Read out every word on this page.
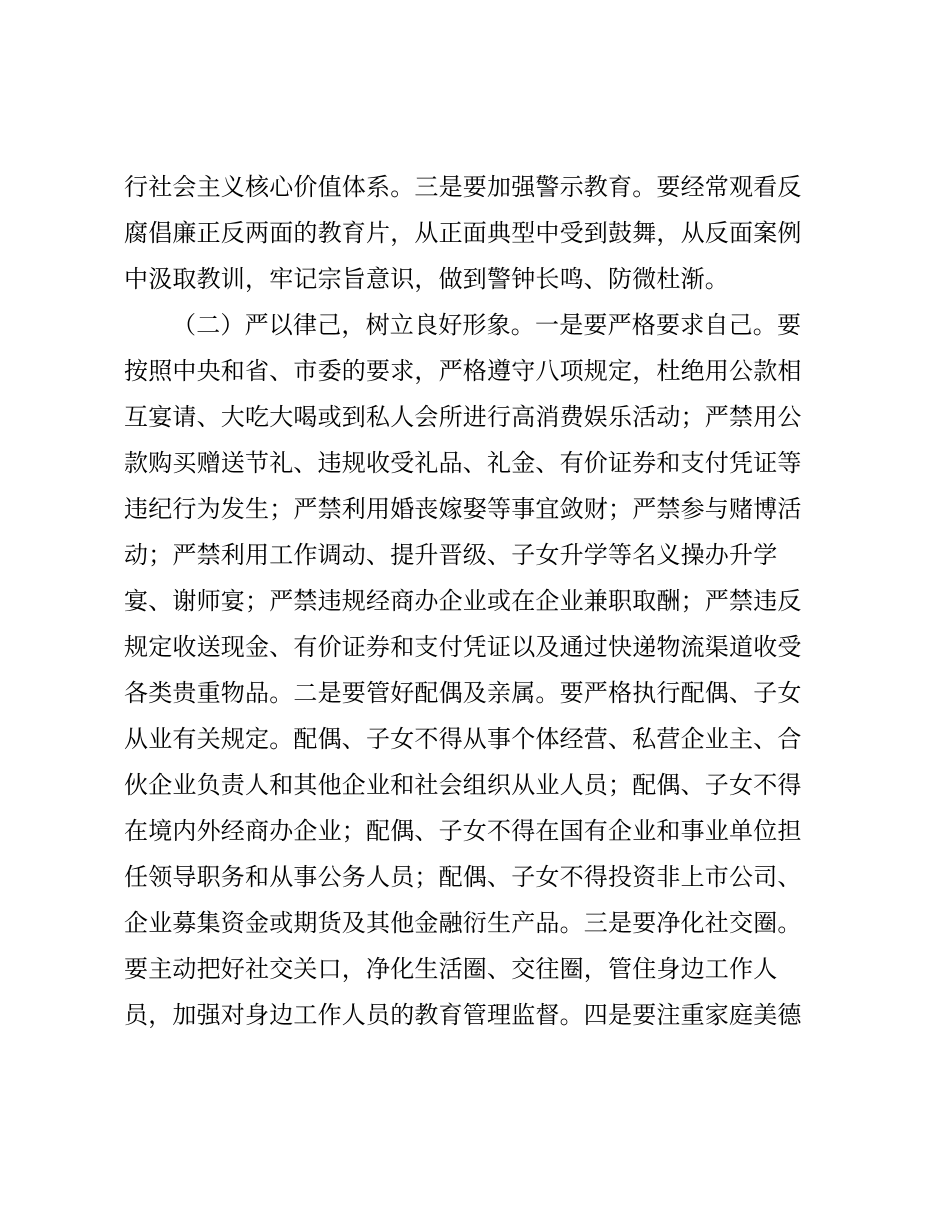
行社会主义核心价值体系。三是要加强警示教育。要经常观看反
腐倡廉正反两面的教育片，从正面典型中受到鼓舞，从反面案例
中汲取教训，牢记宗旨意识，做到警钟长鸣、防微杜渐。
（二）严以律己，树立良好形象。一是要严格要求自己。要
按照中央和省、市委的要求，严格遵守八项规定，杜绝用公款相
互宴请、大吃大喝或到私人会所进行高消费娱乐活动；严禁用公
款购买赠送节礼、违规收受礼品、礼金、有价证券和支付凭证等
违纪行为发生；严禁利用婚丧嫁娶等事宜敛财；严禁参与赌博活
动；严禁利用工作调动、提升晋级、子女升学等名义操办升学
宴、谢师宴；严禁违规经商办企业或在企业兼职取酬；严禁违反
规定收送现金、有价证券和支付凭证以及通过快递物流渠道收受
各类贵重物品。二是要管好配偶及亲属。要严格执行配偶、子女
从业有关规定。配偶、子女不得从事个体经营、私营企业主、合
伙企业负责人和其他企业和社会组织从业人员；配偶、子女不得
在境内外经商办企业；配偶、子女不得在国有企业和事业单位担
任领导职务和从事公务人员；配偶、子女不得投资非上市公司、
企业募集资金或期货及其他金融衍生产品。三是要净化社交圈。
要主动把好社交关口，净化生活圈、交往圈，管住身边工作人
员，加强对身边工作人员的教育管理监督。四是要注重家庭美德
